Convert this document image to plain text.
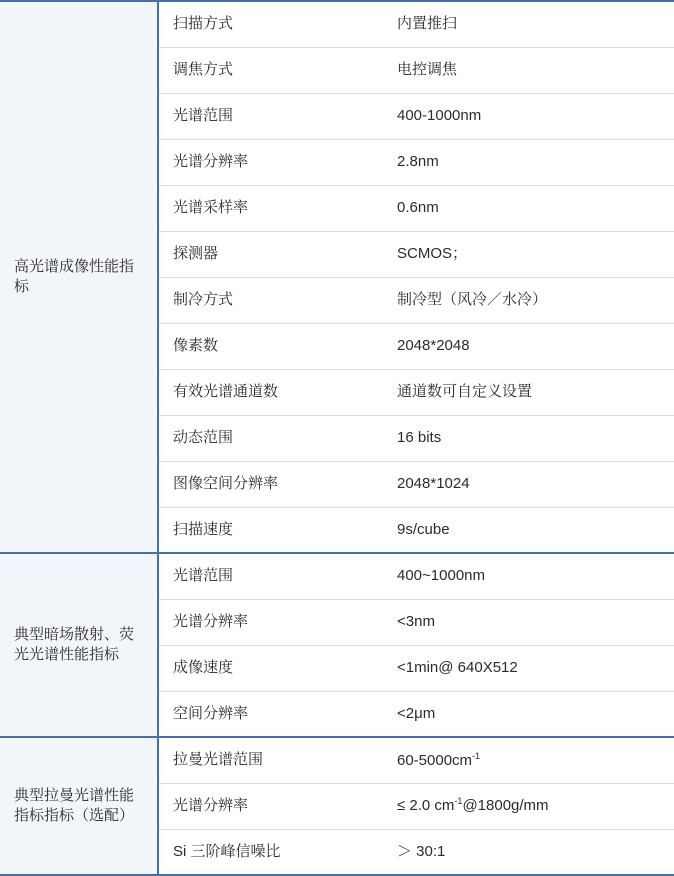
高光谱成像性能指标	扫描方式	内置推扫
	调焦方式	电控调焦
	光谱范围	400-1000nm
	光谱分辨率	2.8nm
	光谱采样率	0.6nm
	探测器	SCMOS；
	制冷方式	制冷型（风冷／水冷）
	像素数	2048*2048
	有效光谱通道数	通道数可自定义设置
	动态范围	16 bits
	图像空间分辨率	2048*1024
	扫描速度	9s/cube
典型暗场散射、荧光光谱性能指标	光谱范围	400~1000nm
	光谱分辨率	<3nm
	成像速度	<1min@ 640X512
	空间分辨率	<2μm
典型拉曼光谱性能指标指标（选配）	拉曼光谱范围	$60-5000cm^{-1}$
	光谱分辨率	≤ 2.0 $cm^{-1}@1800g/mm$
	Si 三阶峰信噪比	＞ 30:1
